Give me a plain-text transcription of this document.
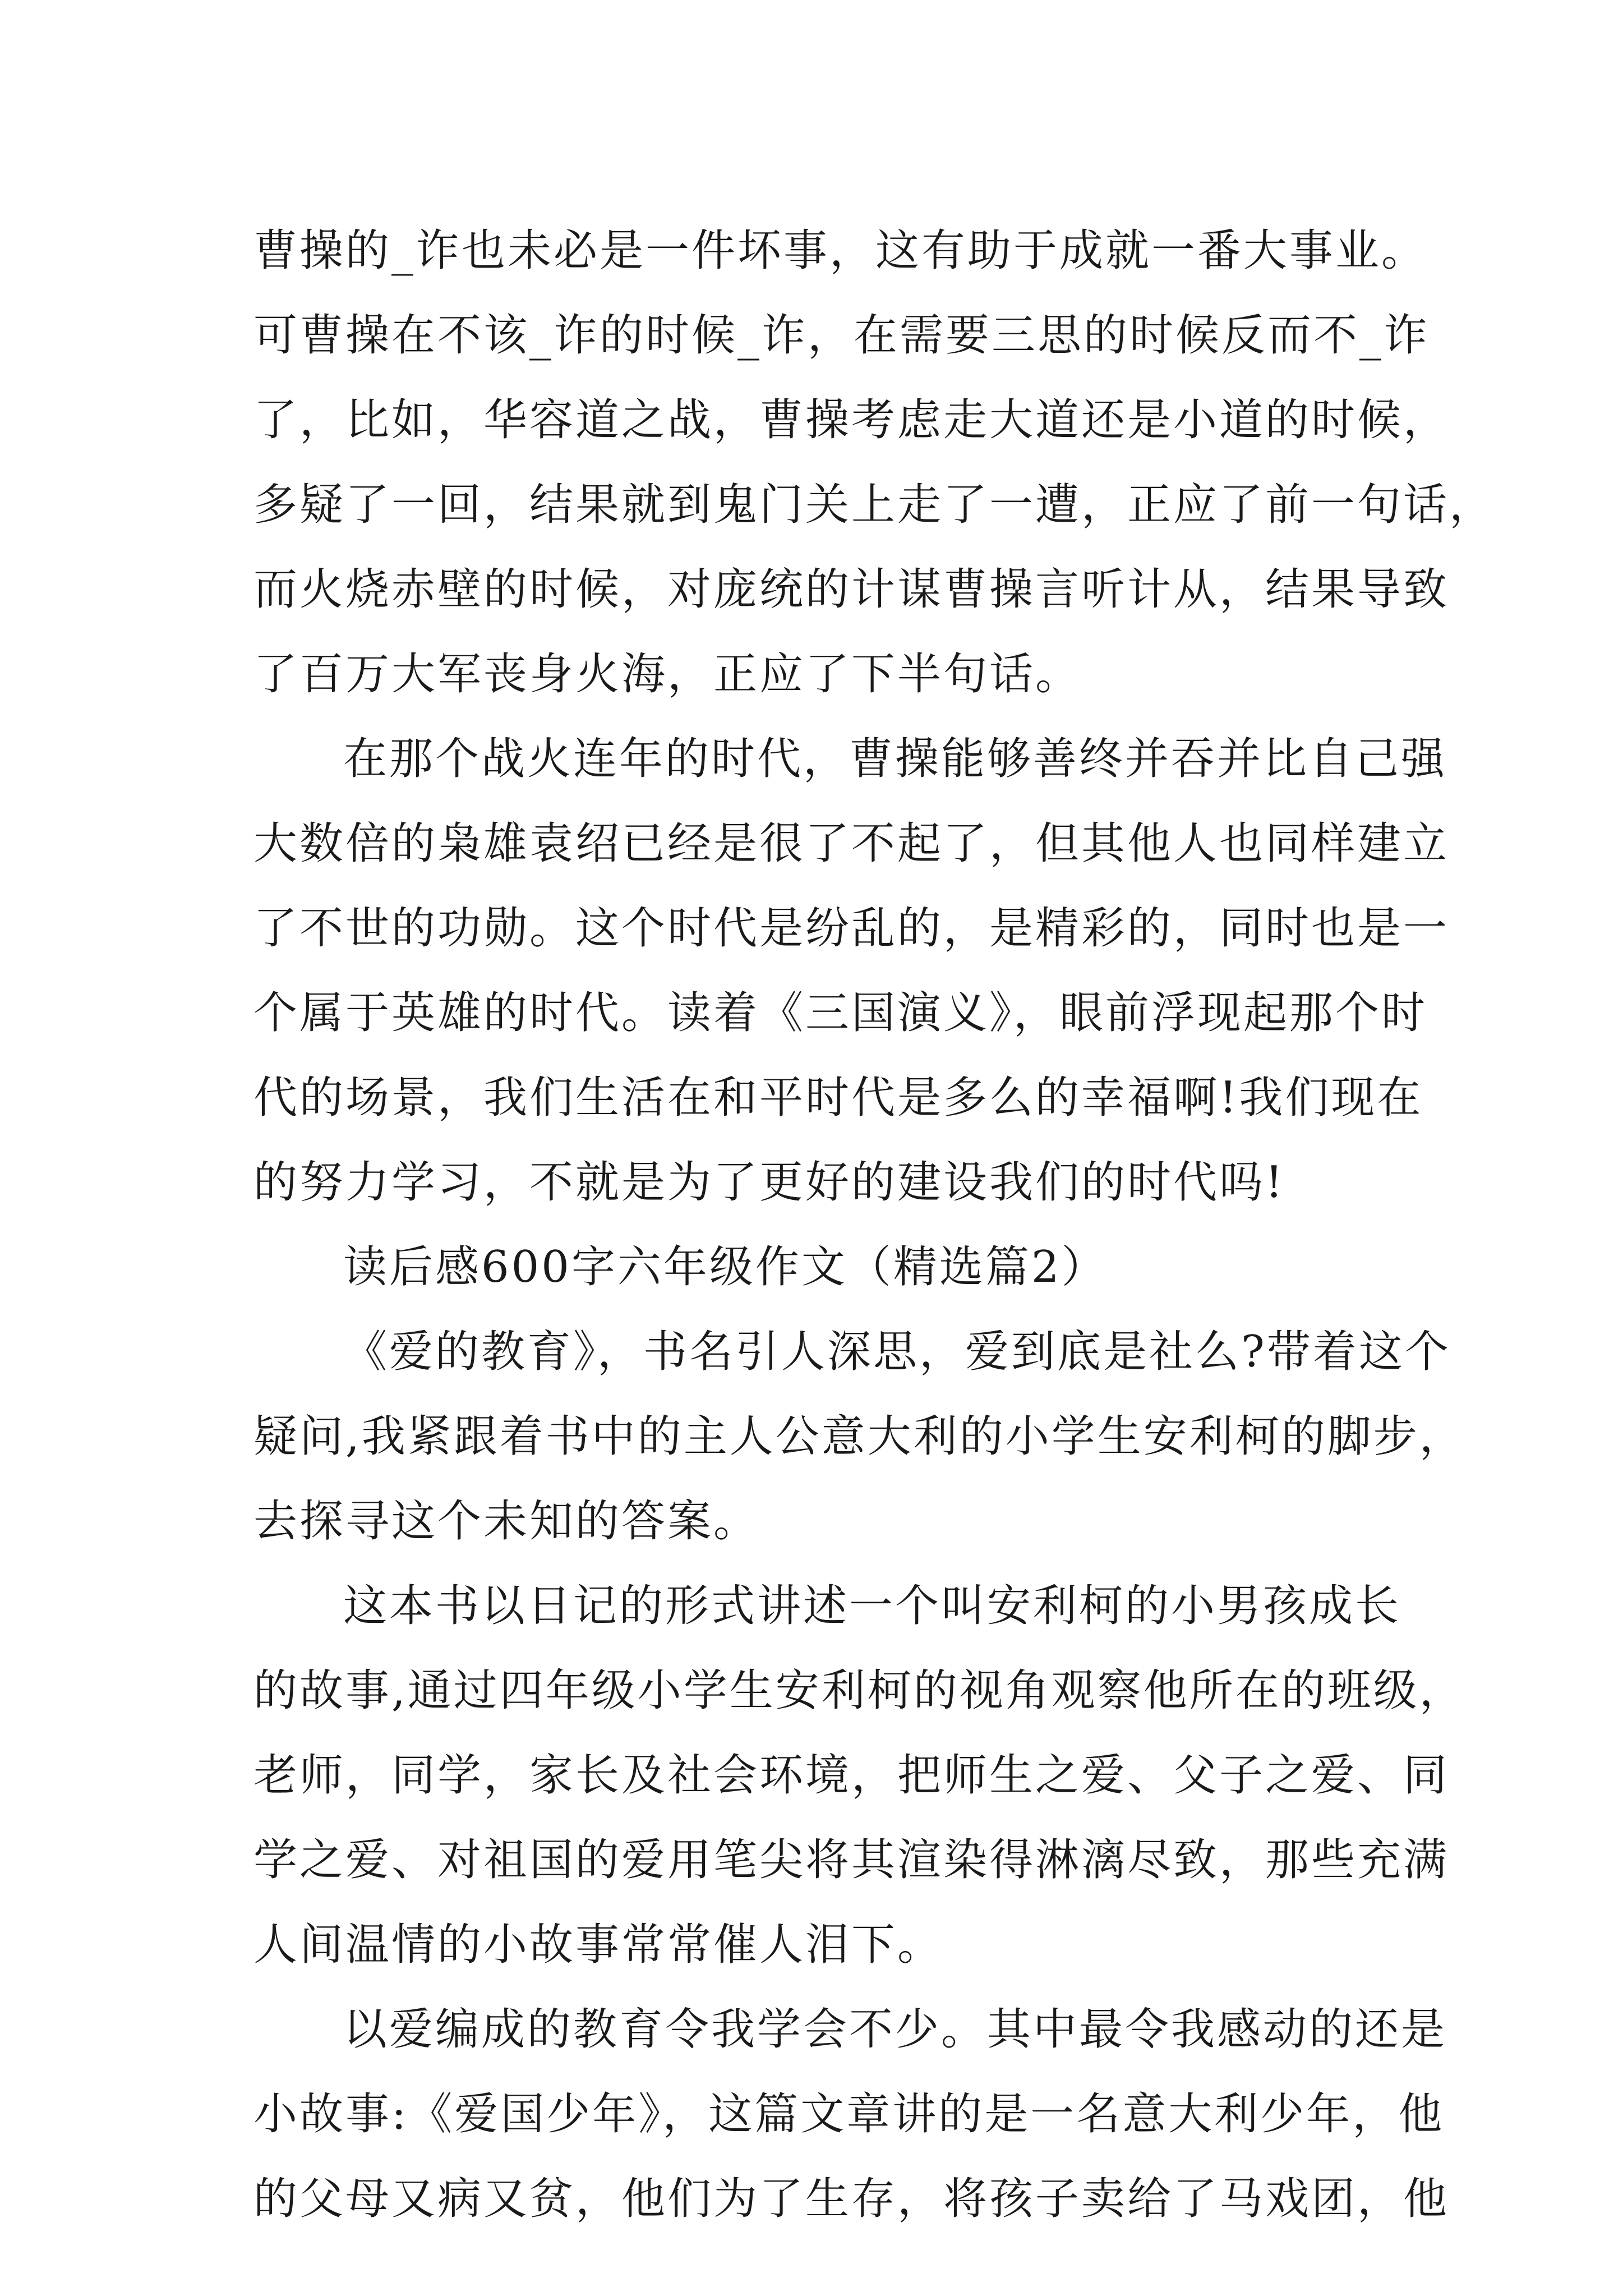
曹操的_诈也未必是一件坏事，这有助于成就一番大事业。
可曹操在不该_诈的时候_诈，在需要三思的时候反而不_诈
了，比如，华容道之战，曹操考虑走大道还是小道的时候，
多疑了一回，结果就到鬼门关上走了一遭，正应了前一句话，
而火烧赤壁的时候，对庞统的计谋曹操言听计从，结果导致
了百万大军丧身火海，正应了下半句话。
在那个战火连年的时代，曹操能够善终并吞并比自己强
大数倍的枭雄袁绍已经是很了不起了，但其他人也同样建立
了不世的功勋。这个时代是纷乱的，是精彩的，同时也是一
个属于英雄的时代。读着《三国演义》，眼前浮现起那个时
代的场景，我们生活在和平时代是多么的幸福啊!我们现在
的努力学习，不就是为了更好的建设我们的时代吗!
读后感600字六年级作文（精选篇2）
《爱的教育》，书名引人深思，爱到底是社么?带着这个
疑问,我紧跟着书中的主人公意大利的小学生安利柯的脚步，
去探寻这个未知的答案。
这本书以日记的形式讲述一个叫安利柯的小男孩成长
的故事,通过四年级小学生安利柯的视角观察他所在的班级，
老师，同学，家长及社会环境，把师生之爱、父子之爱、同
学之爱、对祖国的爱用笔尖将其渲染得淋漓尽致，那些充满
人间温情的小故事常常催人泪下。
以爱编成的教育令我学会不少。其中最令我感动的还是
小故事:《爱国少年》，这篇文章讲的是一名意大利少年，他
的父母又病又贫，他们为了生存，将孩子卖给了马戏团，他
